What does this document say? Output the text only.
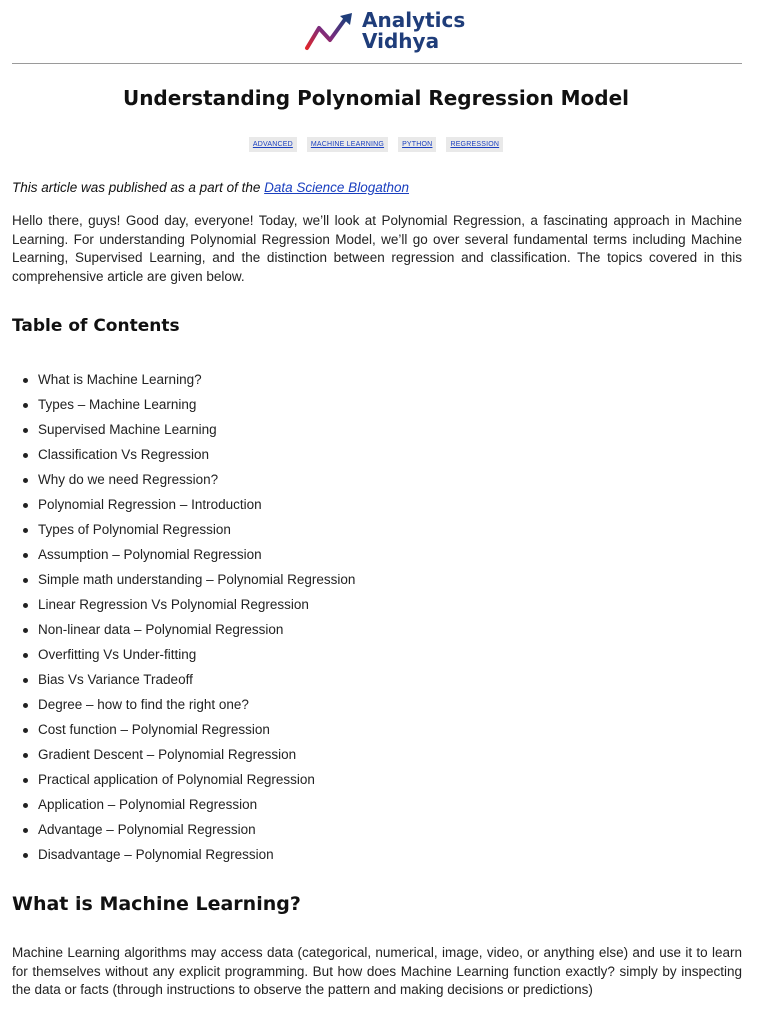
Analytics
Vidhya
Understanding Polynomial Regression Model
ADVANCED	MACHINE LEARNING	PYTHON	REGRESSION
This article was published as a part of the Data Science Blogathon

Hello there, guys! Good day, everyone! Today, we’ll look at Polynomial Regression, a fascinating approach in Machine Learning. For understanding Polynomial Regression Model, we’ll go over several fundamental terms including Machine Learning, Supervised Learning, and the distinction between regression and classification. The topics covered in this comprehensive article are given below.

Table of Contents
What is Machine Learning?
Types – Machine Learning
Supervised Machine Learning
Classification Vs Regression
Why do we need Regression?
Polynomial Regression – Introduction
Types of Polynomial Regression
Assumption – Polynomial Regression
Simple math understanding – Polynomial Regression
Linear Regression Vs Polynomial Regression
Non-linear data – Polynomial Regression
Overfitting Vs Under-fitting
Bias Vs Variance Tradeoff
Degree – how to find the right one?
Cost function – Polynomial Regression
Gradient Descent – Polynomial Regression
Practical application of Polynomial Regression
Application – Polynomial Regression
Advantage – Polynomial Regression
Disadvantage – Polynomial Regression
What is Machine Learning?

Machine Learning algorithms may access data (categorical, numerical, image, video, or anything else) and use it to learn for themselves without any explicit programming. But how does Machine Learning function exactly? simply by inspecting the data or facts (through instructions to observe the pattern and making decisions or predictions)
